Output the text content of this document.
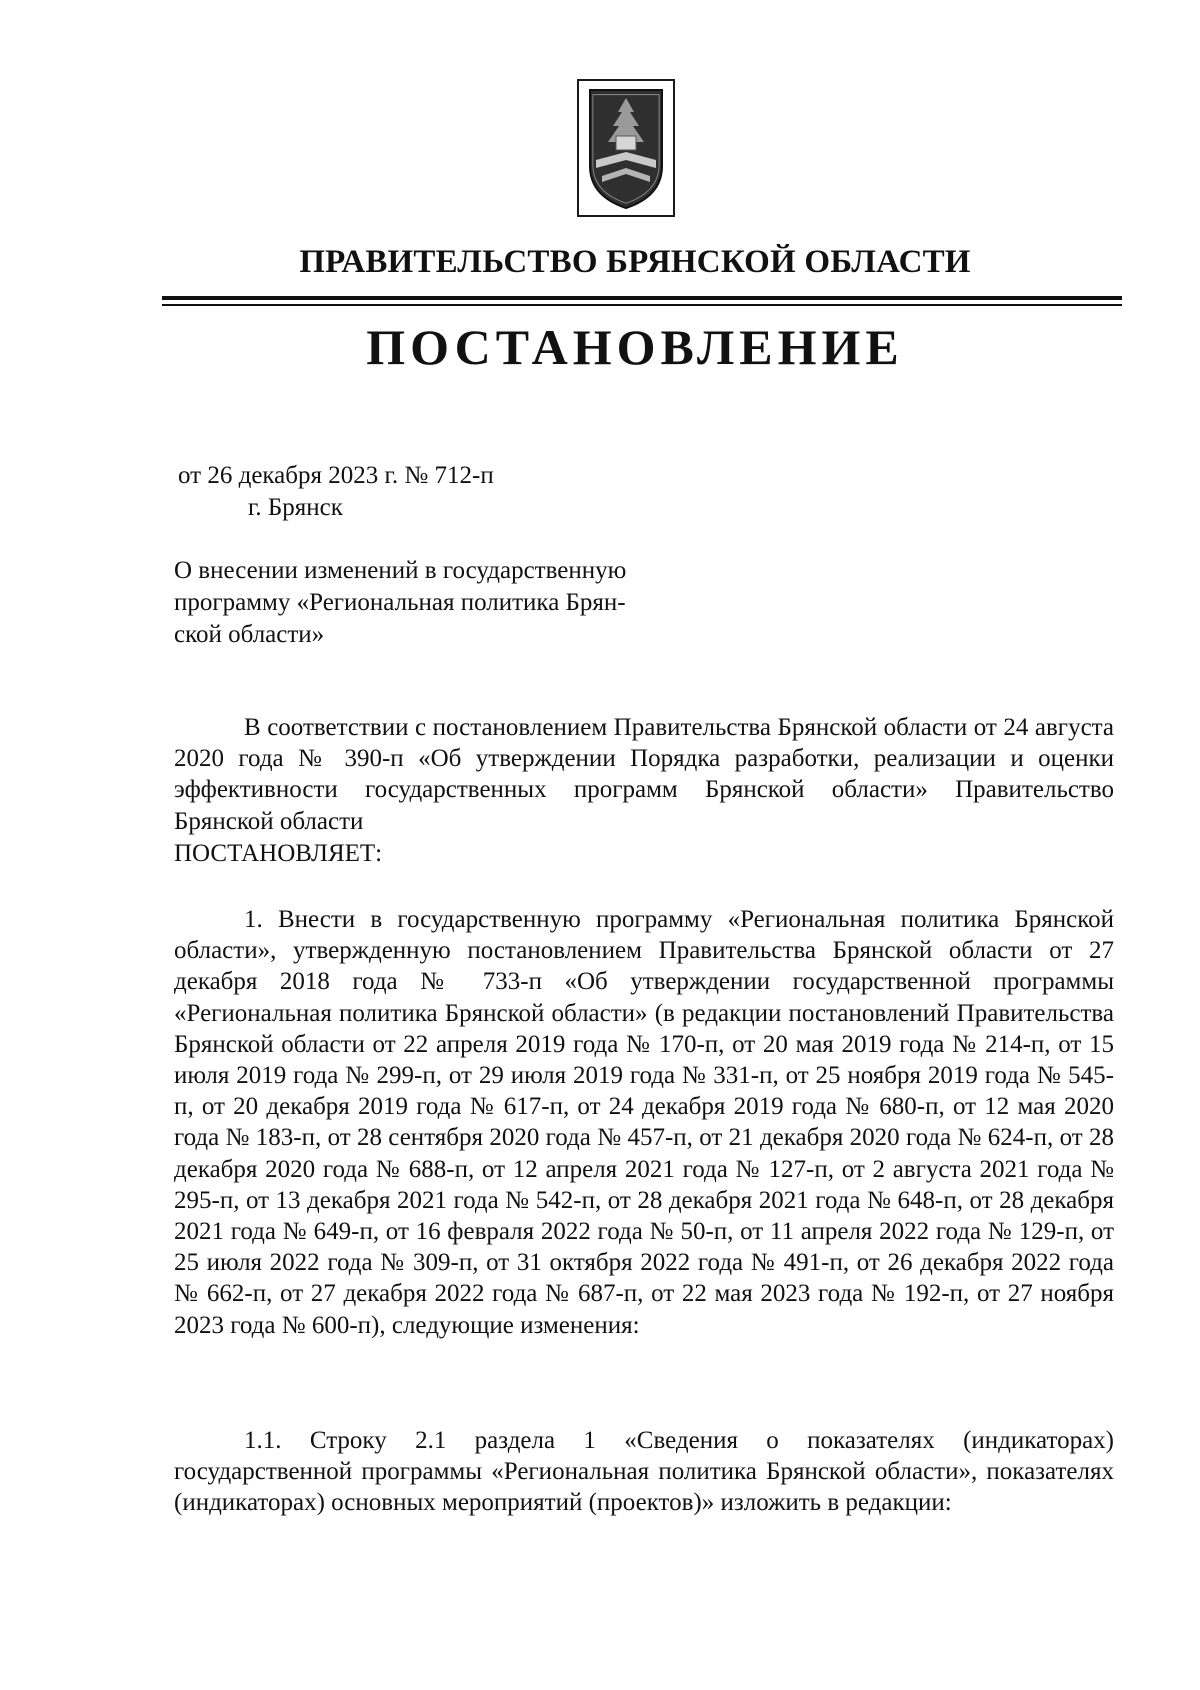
ПРАВИТЕЛЬСТВО БРЯНСКОЙ ОБЛАСТИ
ПОСТАНОВЛЕНИЕ
от 26 декабря 2023 г. № 712-п
г. Брянск
О внесении изменений в государственную
программу «Региональная политика Брян-
ской области»
В соответствии с постановлением Правительства Брянской области от 24 августа 2020 года № 390-п «Об утверждении Порядка разработки, реализации и оценки эффективности государственных программ Брянской области» Правительство Брянской области
ПОСТАНОВЛЯЕТ:
1. Внести в государственную программу «Региональная политика Брянской области», утвержденную постановлением Правительства Брянской области от 27 декабря 2018 года № 733-п «Об утверждении государственной программы «Региональная политика Брянской области» (в редакции постановлений Правительства Брянской области от 22 апреля 2019 года № 170-п, от 20 мая 2019 года № 214-п, от 15 июля 2019 года № 299-п, от 29 июля 2019 года № 331-п, от 25 ноября 2019 года № 545-п, от 20 декабря 2019 года № 617-п, от 24 декабря 2019 года № 680-п, от 12 мая 2020 года № 183-п, от 28 сентября 2020 года № 457-п, от 21 декабря 2020 года № 624-п, от 28 декабря 2020 года № 688-п, от 12 апреля 2021 года № 127-п, от 2 августа 2021 года № 295-п, от 13 декабря 2021 года № 542-п, от 28 декабря 2021 года № 648-п, от 28 декабря 2021 года № 649-п, от 16 февраля 2022 года № 50-п, от 11 апреля 2022 года № 129-п, от 25 июля 2022 года № 309-п, от 31 октября 2022 года № 491-п, от 26 декабря 2022 года № 662-п, от 27 декабря 2022 года № 687-п, от 22 мая 2023 года № 192-п, от 27 ноября 2023 года № 600-п), следующие изменения:
1.1. Строку 2.1 раздела 1 «Сведения о показателях (индикаторах) государственной программы «Региональная политика Брянской области», показателях (индикаторах) основных мероприятий (проектов)» изложить в редакции:
